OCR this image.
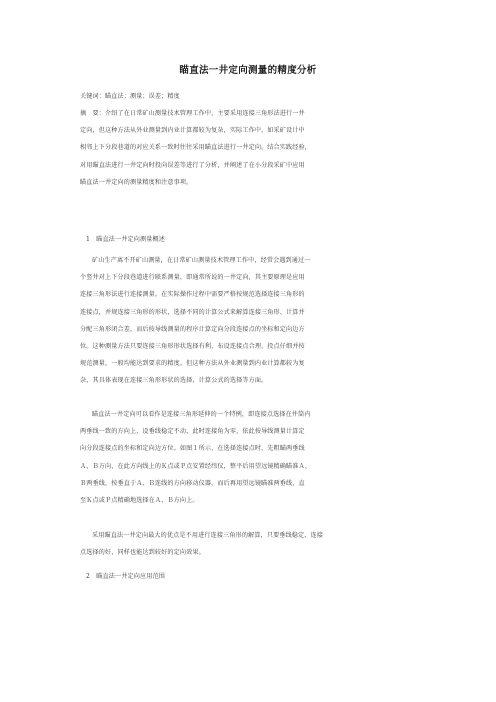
瞄直法一井定向测量的精度分析
关键词：瞄直法；测量；误差；精度
摘　要：介绍了在日常矿山测量技术管理工作中，主要采用连接三角形法进行一井
定向，但这种方法从外业测量到内业计算都较为复杂，实际工作中，如采矿设计中
相邻上下分段巷道的对应关系一致时往往采用瞄直法进行一井定向。结合实践经验，
对用瞄直法进行一井定向时投向误差等进行了分析，并阐述了在小分段采矿中应用
瞄直法一井定向的测量精度和注意事项。
1　瞄直法一井定向测量概述
矿山生产离不开矿山测量，在日常矿山测量技术管理工作中，经常会遇到通过一
个竖井对上下分段巷道进行联系测量，即通常所说的一井定向，其主要原理是应用
连接三角形法进行连接测量。在实际操作过程中需要严格按规范选择连接三角形的
连接点，并规连接三角形的形状，选择不同的计算公式来解算连接三角形、计算并
分配三角形闭合差，而后按导线测量的程序计算定向分段连接点的坐标和定向边方
位。这种测量方法只要连接三角形形状选择有利，布设连接点合理，投点仔细并按
规范测量，一般均能达到要求的精度。但这种方法从外业测量到内业计算都较为复
杂，其具体表现在连接三角形形状的选择、计算公式的选择等方面。
瞄直法一井定向可以看作是连接三角形延伸的一个特例，即连接点选择在井筒内
两垂线一致的方向上，设垂线稳定不动，此时连接角为零，依此按导线测量计算定
向分段连接点的坐标和定向边方位。如图１所示，在选择连接点时，先粗瞄两垂线
Ａ、Ｂ方向，在此方向线上的Ｋ点或Ｐ点安置经纬仪，整平后用望远镜精确瞄准Ａ、
Ｂ两垂线，按垂直于Ａ、Ｂ连线的方向移动仪器，而后再用望远镜瞄准两垂线，直
至Ｋ点或Ｐ点精确地选择在Ａ、Ｂ方向上。
采用瞄直法一井定向最大的优点是不用进行连接三角形的解算，只要垂线稳定、连接
点选择的好，同样也能达到较好的定向效果。
2　瞄直法一井定向应用范围
